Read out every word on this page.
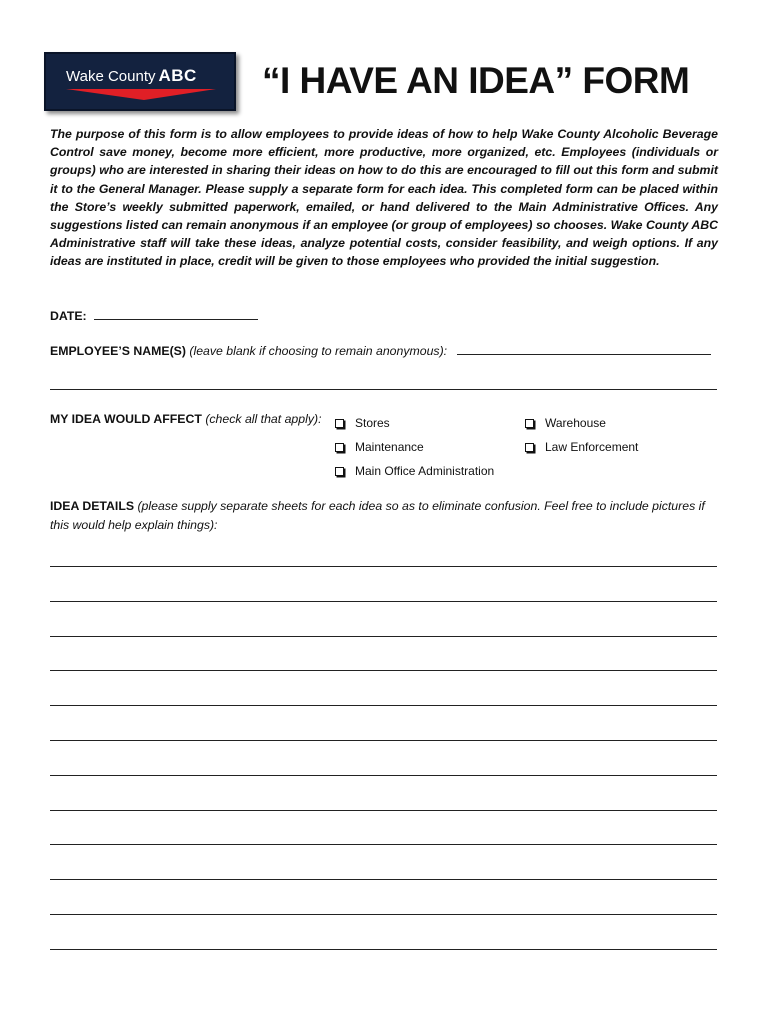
Wake County ABC “I HAVE AN IDEA” FORM
The purpose of this form is to allow employees to provide ideas of how to help Wake County Alcoholic Beverage Control save money, become more efficient, more productive, more organized, etc. Employees (individuals or groups) who are interested in sharing their ideas on how to do this are encouraged to fill out this form and submit it to the General Manager. Please supply a separate form for each idea. This completed form can be placed within the Store’s weekly submitted paperwork, emailed, or hand delivered to the Main Administrative Offices. Any suggestions listed can remain anonymous if an employee (or group of employees) so chooses. Wake County ABC Administrative staff will take these ideas, analyze potential costs, consider feasibility, and weigh options. If any ideas are instituted in place, credit will be given to those employees who provided the initial suggestion.
DATE:
EMPLOYEE’S NAME(S) (leave blank if choosing to remain anonymous):
MY IDEA WOULD AFFECT (check all that apply):	Stores	Warehouse
Maintenance	Law Enforcement
Main Office Administration
IDEA DETAILS (please supply separate sheets for each idea so as to eliminate confusion. Feel free to include pictures if this would help explain things):
